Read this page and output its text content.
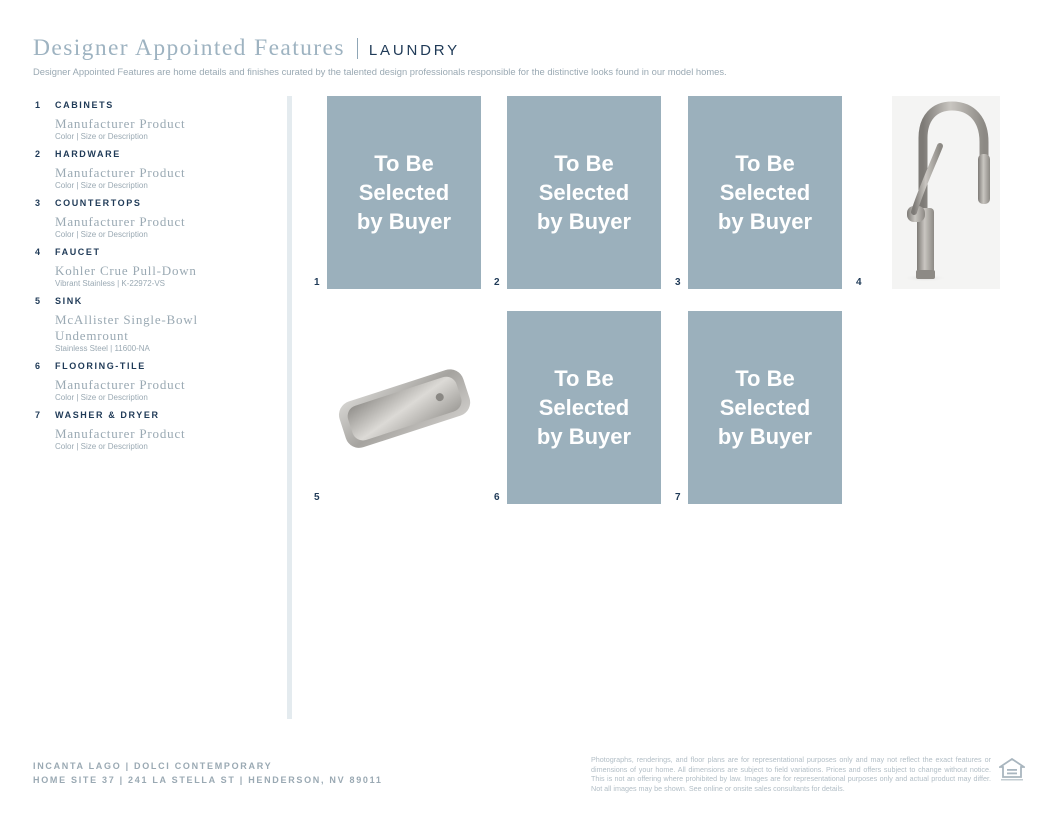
Designer Appointed Features LAUNDRY
Designer Appointed Features are home details and finishes curated by the talented design professionals responsible for the distinctive looks found in our model homes.
1	CABINETS
Manufacturer Product
Color | Size or Description
2	HARDWARE
Manufacturer Product
Color | Size or Description
3	COUNTERTOPS
Manufacturer Product
Color | Size or Description
4	FAUCET
Kohler Crue Pull-Down
Vibrant Stainless | K-22972-VS
5	SINK
McAllister Single-Bowl Undemrount
Stainless Steel | 11600-NA
6	FLOORING-TILE
Manufacturer Product
Color | Size or Description
7	WASHER & DRYER
Manufacturer Product
Color | Size or Description
1
To Be
Selected
by Buyer
2
To Be
Selected
by Buyer
3
To Be
Selected
by Buyer
4
5	6
To Be
Selected
by Buyer
7
To Be
Selected
by Buyer
INCANTA LAGO | DOLCI CONTEMPORARY
HOME SITE 37 | 241 LA STELLA ST | HENDERSON, NV 89011
Photographs, renderings, and floor plans are for representational purposes only and may not reflect the exact features or dimensions of your home. All dimensions are subject to field variations. Prices and offers subject to change without notice. This is not an offering where prohibited by law. Images are for representational purposes only and actual product may differ. Not all images may be shown. See online or onsite sales consultants for details.
